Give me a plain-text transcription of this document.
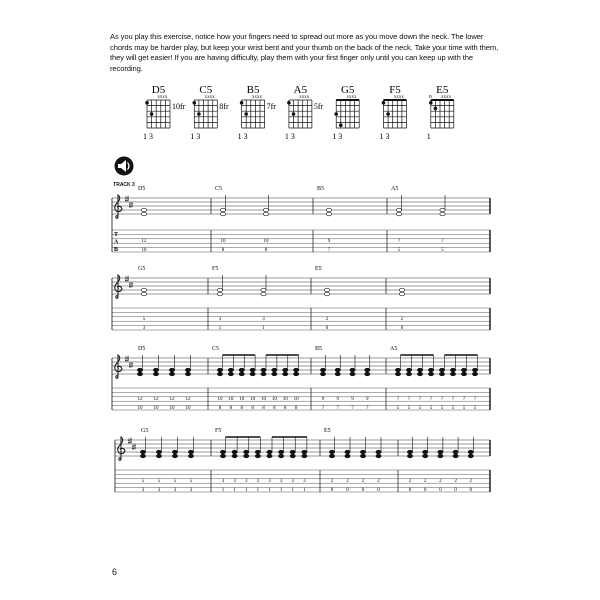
As you play this exercise, notice how your fingers need to spread out more as you move down the neck. The lower chords may be harder play, but keep your wrist bent and your thumb on the back of the neck. Take your time with them, they will get easier! If you are having difficulty, play them with your first finger only until you can keep up with the recording.
D5
xxxx
10fr
1 3
C5
xxxx
8fr
1 3
B5
xxxx
7fr
1 3
A5
xxxx
5fr
1 3
G5
xxxx
1 3
F5
xxxx
1 3
E5
xxxx
o
1
TRACK 3
T
A
B
D5
12
10
C5
10
8
10
8
B5
9
7
A5
7
5
7
5
G5
5
3
F5
3
1
3
1
E5
2
0
2
0
D5
12
10
12
10
12
10
12
10
C5
10
8
10
8
10
8
10
8
10
8
10
8
10
8
10
8
B5
9
7
9
7
9
7
9
7
A5
7
5
7
5
7
5
7
5
7
5
7
5
7
5
7
5
G5
5
3
5
3
5
3
5
3
F5
3
1
3
1
3
1
3
1
3
1
3
1
3
1
3
1
E5
2
0
2
0
2
0
2
0
2
0
2
0
2
0
2
0
2
0
6
